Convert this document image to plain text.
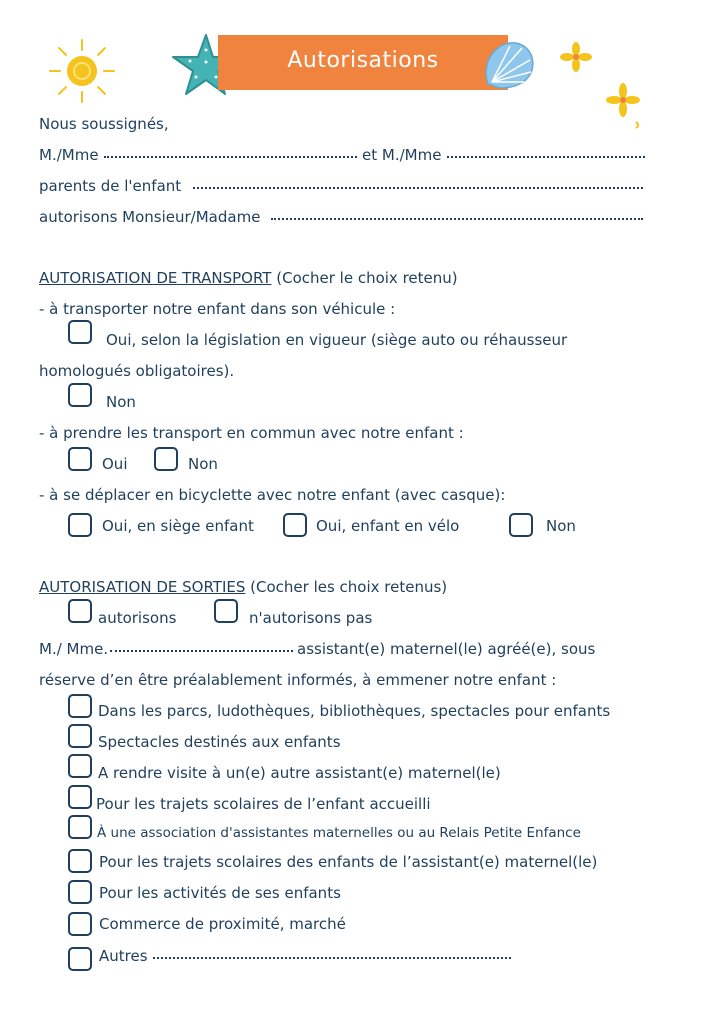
Autorisations
Nous soussignés,
M./Mme	et M./Mme
parents de l'enfant
autorisons Monsieur/Madame
AUTORISATION DE TRANSPORT (Cocher le choix retenu)
- à transporter notre enfant dans son véhicule :
Oui, selon la législation en vigueur (siège auto ou réhausseur
homologués obligatoires).
Non
- à prendre les transport en commun avec notre enfant :
Oui	Non
- à se déplacer en bicyclette avec notre enfant (avec casque):
Oui, en siège enfant	Oui, enfant en vélo	Non
AUTORISATION DE SORTIES (Cocher les choix retenus)
autorisons	n'autorisons pas
M./ Mme.	assistant(e) maternel(le) agréé(e), sous
réserve d’en être préalablement informés, à emmener notre enfant :
Dans les parcs, ludothèques, bibliothèques, spectacles pour enfants
Spectacles destinés aux enfants
A rendre visite à un(e) autre assistant(e) maternel(le)
Pour les trajets scolaires de l’enfant accueilli
À une association d'assistantes maternelles ou au Relais Petite Enfance
Pour les trajets scolaires des enfants de l’assistant(e) maternel(le)
Pour les activités de ses enfants
Commerce de proximité, marché
Autres
